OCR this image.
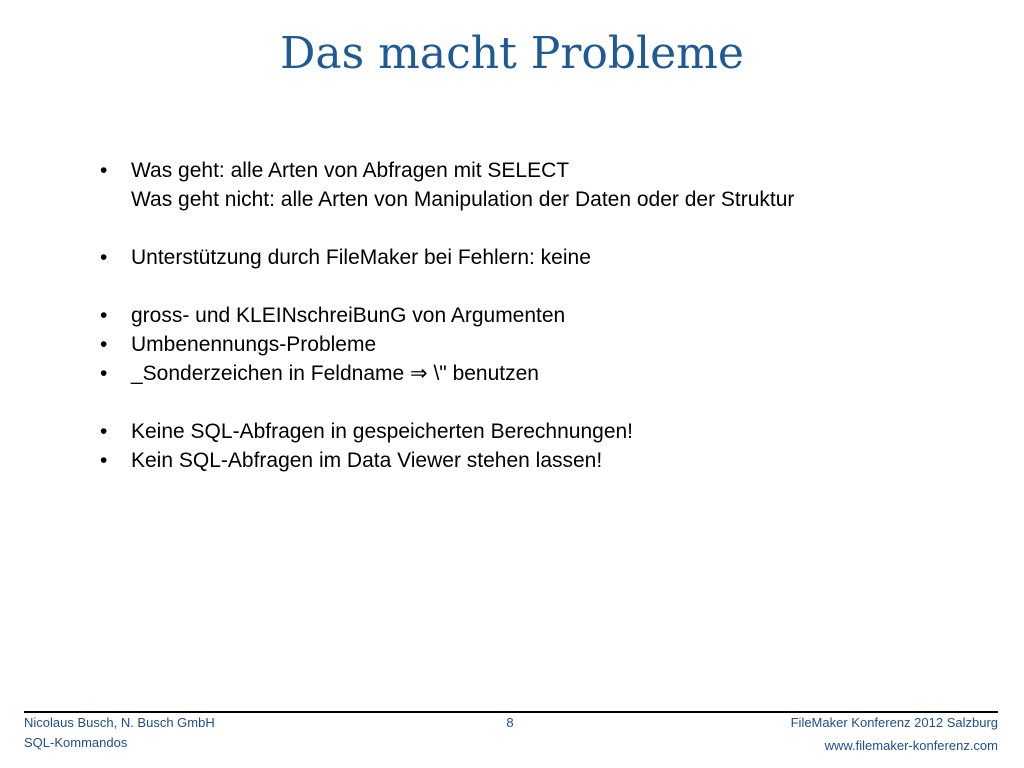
Das macht Probleme
• Was geht: alle Arten von Abfragen mit SELECT
Was geht nicht: alle Arten von Manipulation der Daten oder der Struktur
• Unterstützung durch FileMaker bei Fehlern: keine
• gross- und KLEINschreiBunG von Argumenten
• Umbenennungs-Probleme
• _Sonderzeichen in Feldname ⇒ \" benutzen
• Keine SQL-Abfragen in gespeicherten Berechnungen!
• Kein SQL-Abfragen im Data Viewer stehen lassen!
Nicolaus Busch, N. Busch GmbH
SQL-Kommandos
8	FileMaker Konferenz 2012 Salzburg
www.filemaker-konferenz.com
